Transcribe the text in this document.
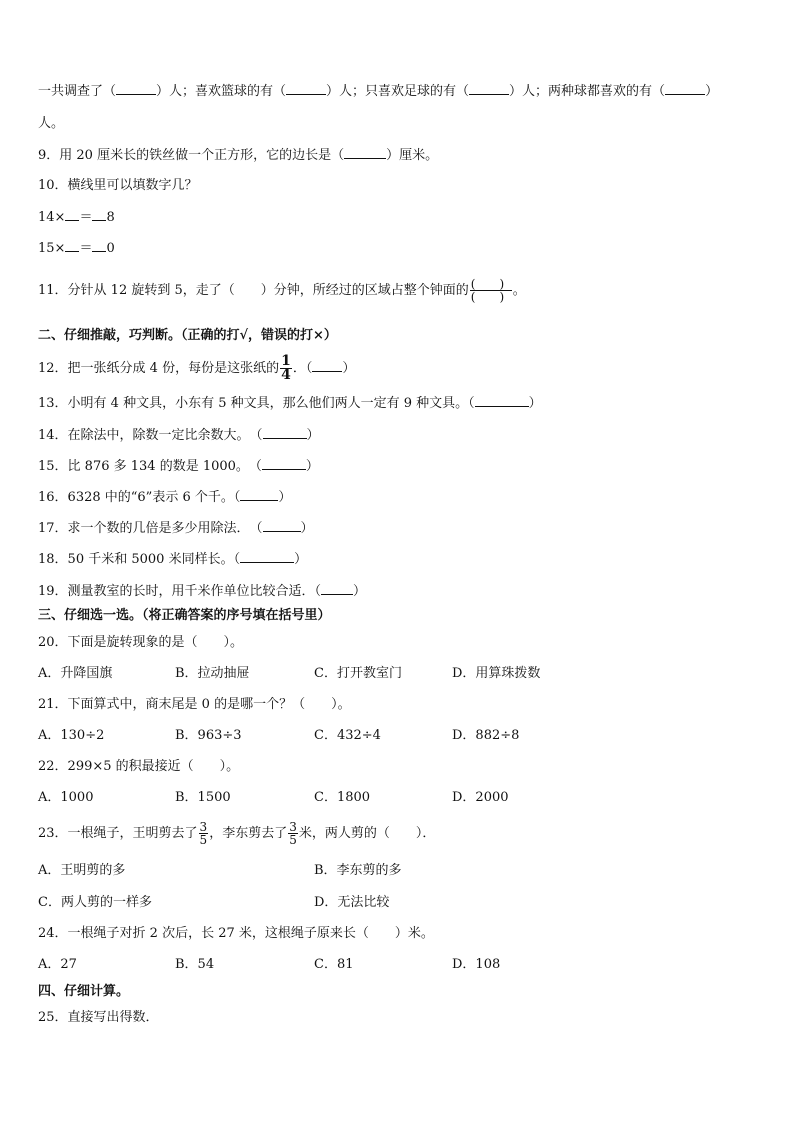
一共调查了（	）人；喜欢篮球的有（	）人；只喜欢足球的有（	）人；两种球都喜欢的有（	）
人。
9．用 20 厘米长的铁丝做一个正方形，它的边长是（	）厘米。
10．横线里可以填数字几？
14× ＝ 8
15× ＝ 0
11．分针从 12 旋转到 5，走了（　　）分钟，所经过的区域占整个钟面的 $\frac{( )}{( )}$ 。
二、仔细推敲，巧判断。（正确的打√，错误的打×）
12．把一张纸分成 4 份，每份是这张纸的 $\frac{1}{4}$ ．（ ）
13．小明有 4 种文具，小东有 5 种文具，那么他们两人一定有 9 种文具。（	）
14．在除法中，除数一定比余数大。　（	）
15．比 876 多 134 的数是 1000。　（	）
16．6328 中的“6”表示 6 个千。（	）
17．求一个数的几倍是多少用除法．　（	）
18．50 千米和 5000 米同样长。（	）
19．测量教室的长时，用千米作单位比较合适．（ ）
三、仔细选一选。（将正确答案的序号填在括号里）
20．下面是旋转现象的是（　　）。
A．升降国旗	B．拉动抽屉	C．打开教室门	D．用算珠拨数
21．下面算式中，商末尾是 0 的是哪一个？（　　）。
A．130÷2	B．963÷3	C．432÷4	D．882÷8
22．299×5 的积最接近（　　）。
A．1000	B．1500	C．1800	D．2000
23．一根绳子，王明剪去了 $\frac{3}{5}$ ，李东剪去了 $\frac{3}{5}$ 米，两人剪的（　　）．
A．王明剪的多	B．李东剪的多
C．两人剪的一样多	D．无法比较
24．一根绳子对折 2 次后，长 27 米，这根绳子原来长（　　）米。
A．27	B．54	C．81	D．108
四、仔细计算。
25．直接写出得数．
